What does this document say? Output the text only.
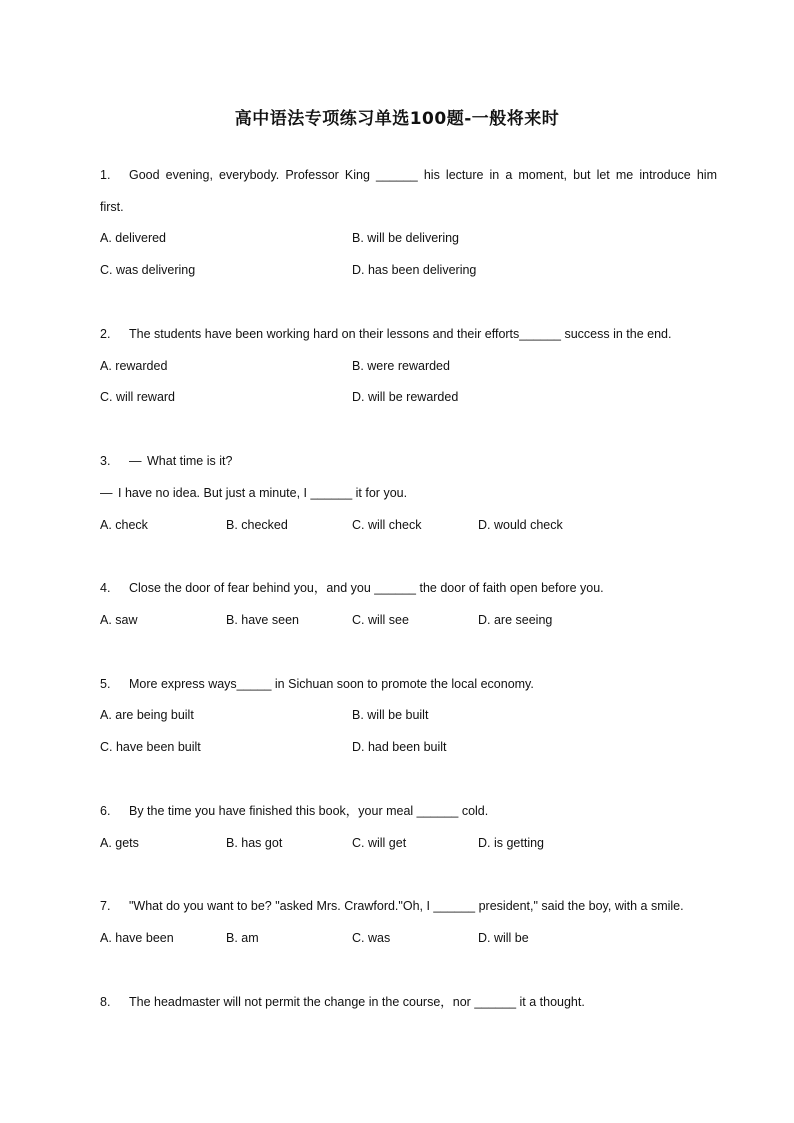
高中语法专项练习单选100题-一般将来时
1. Good evening, everybody. Professor King ______ his lecture in a moment, but let me introduce him
first.
A. delivered	B. will be delivering
C. was delivering	D. has been delivering
2. The students have been working hard on their lessons and their efforts______ success in the end.
A. rewarded	B. were rewarded
C. will reward	D. will be rewarded
3. — What time is it?
— I have no idea. But just a minute, I ______ it for you.
A. check	B. checked	C. will check	D. would check
4. Close the door of fear behind you，and you ______ the door of faith open before you.
A. saw	B. have seen	C. will see	D. are seeing
5. More express ways_____ in Sichuan soon to promote the local economy.
A. are being built	B. will be built
C. have been built	D. had been built
6. By the time you have finished this book，your meal ______ cold.
A. gets	B. has got	C. will get	D. is getting
7. "What do you want to be? "asked Mrs. Crawford."Oh, I ______ president," said the boy, with a smile.
A. have been	B. am	C. was	D. will be
8. The headmaster will not permit the change in the course，nor ______ it a thought.
